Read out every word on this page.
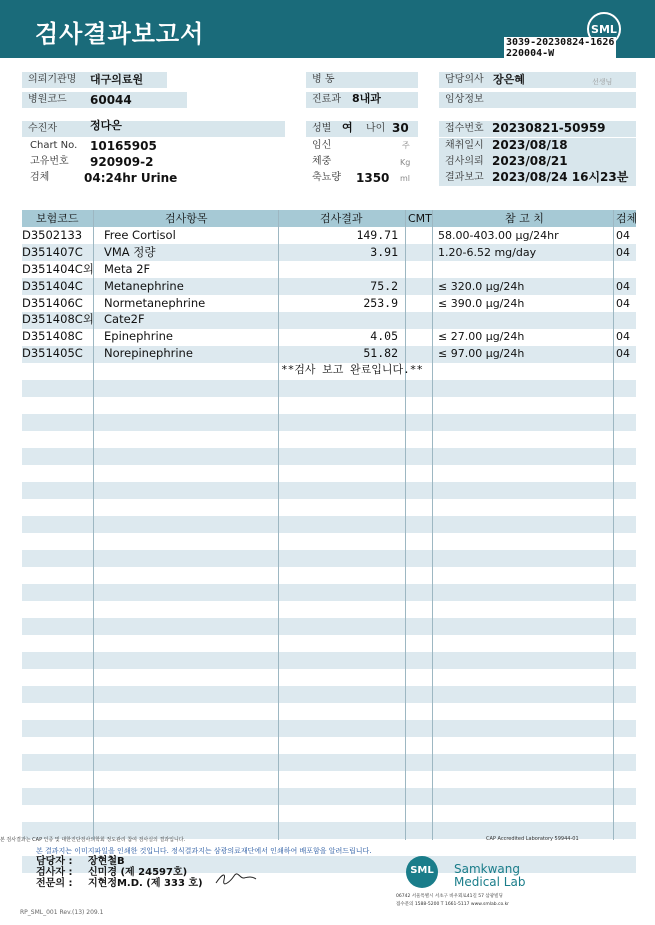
검사결과보고서	SML
3039-20230824-1626
220004-W
의뢰기관명	대구의료원	병 동	담당의사 장은혜	선생님
병원코드	60044	진료과	8내과	임상정보
수진자	정다은
Chart No. 10165905
고유번호 920909-2
검체	04:24hr Urine
성별 여 나이 30
임신	주
체중	Kg
축뇨량 1350 ml
접수번호 20230821-50959
채취일시 2023/08/18
검사의뢰 2023/08/21
결과보고 2023/08/24 16시23분
보험코드	검사항목	검사결과	CMT	참 고 치	검체
D3502133 Free Cortisol	149.71	58.00-403.00 µg/24hr	04
D351407C VMA 정량	3.91	1.20-6.52 mg/day	04
D351404C외 Meta 2F
D351404C Metanephrine	75.2	≤ 320.0 µg/24h	04
D351406C Normetanephrine	253.9	≤ 390.0 µg/24h	04
D351408C외 Cate2F
D351408C Epinephrine	4.05	≤ 27.00 µg/24h	04
D351405C Norepinephrine	51.82	≤ 97.00 µg/24h	04
**검사 보고 완료입니다.**
본 검사결과는 CAP 인증 및 대한진단검사의학회 정도관리 참여 검사실의 결과입니다.	CAP Accredited Laboratory 59944-01
본 결과지는 이미지파일을 인쇄한 것입니다. 정식결과지는 삼광의료재단에서 인쇄하여 배포함을 알려드립니다.
담당자 : 장현철B
검사자 : 신미경 (제 24597호)
전문의 : 지현정M.D. (제 333 호)
SML	Samkwang
Medical Lab
06742 서울특별시 서초구 바우뫼로41길 57 삼광빌딩
접수문의 1588-5200 T 1661-5117 www.smlab.co.kr
RP_SML_001 Rev.(13) 209.1
